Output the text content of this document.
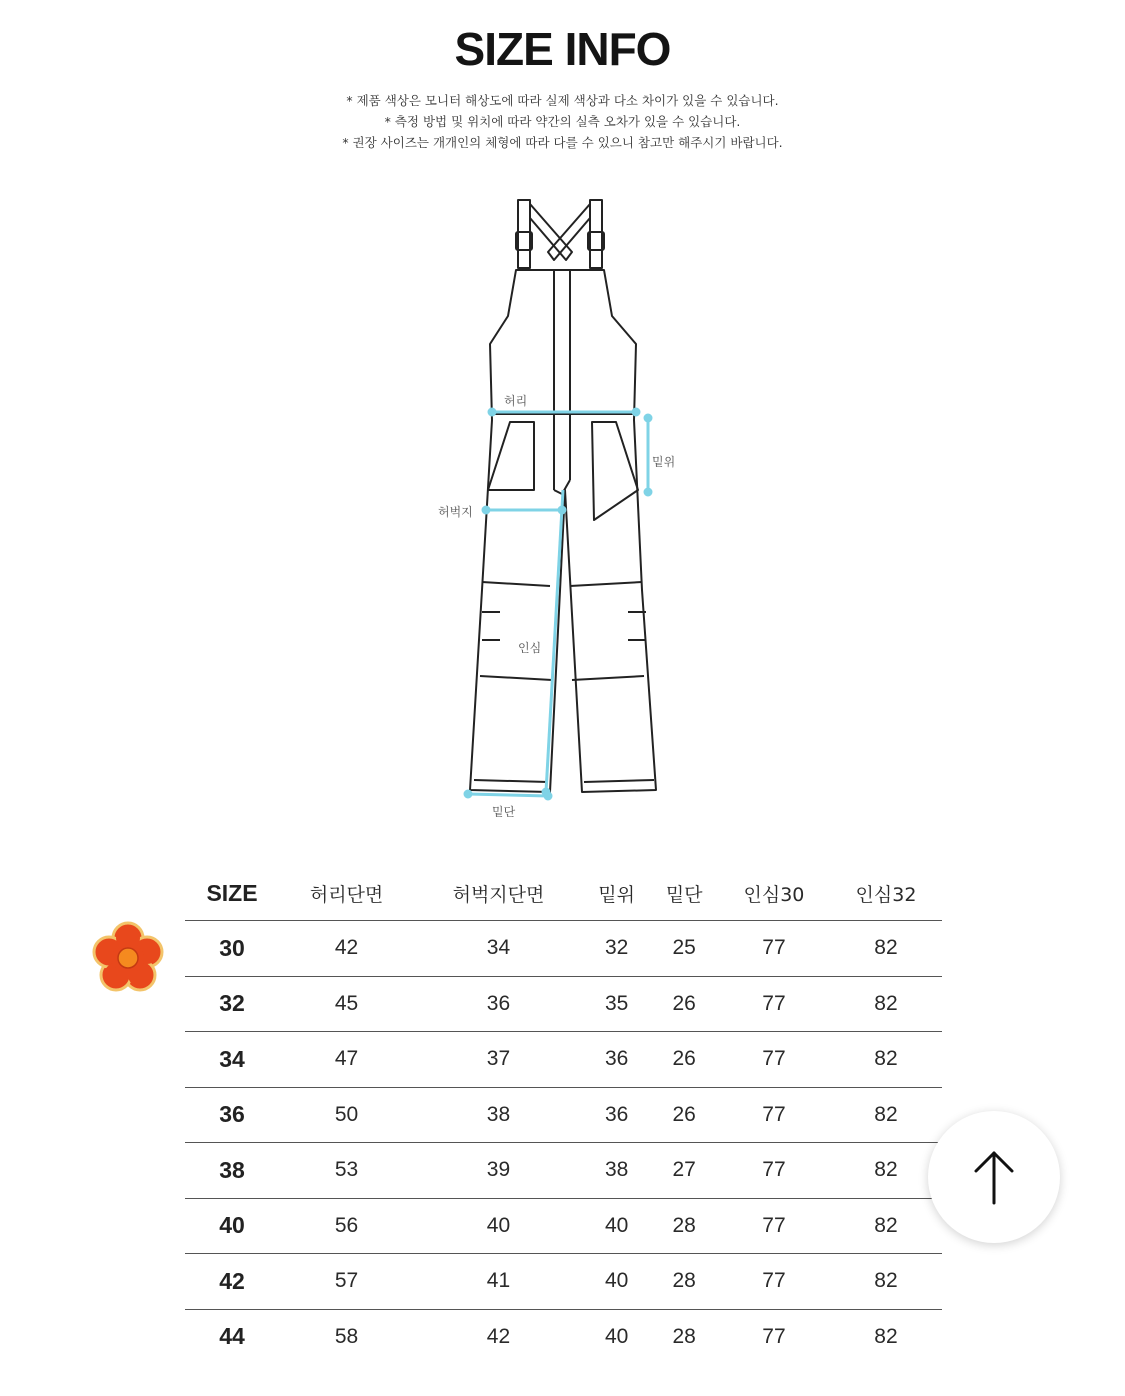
SIZE INFO
* 제품 색상은 모니터 해상도에 따라 실제 색상과 다소 차이가 있을 수 있습니다.
* 측정 방법 및 위치에 따라 약간의 실측 오차가 있을 수 있습니다.
* 권장 사이즈는 개개인의 체형에 따라 다를 수 있으니 참고만 해주시기 바랍니다.
허리
밑위
허벅지
인심
밑단
SIZE	허리단면	허벅지단면	밑위	밑단	인심30	인심32
30	42	34	32	25	77	82
32	45	36	35	26	77	82
34	47	37	36	26	77	82
36	50	38	36	26	77	82
38	53	39	38	27	77	82
40	56	40	40	28	77	82
42	57	41	40	28	77	82
44	58	42	40	28	77	82
